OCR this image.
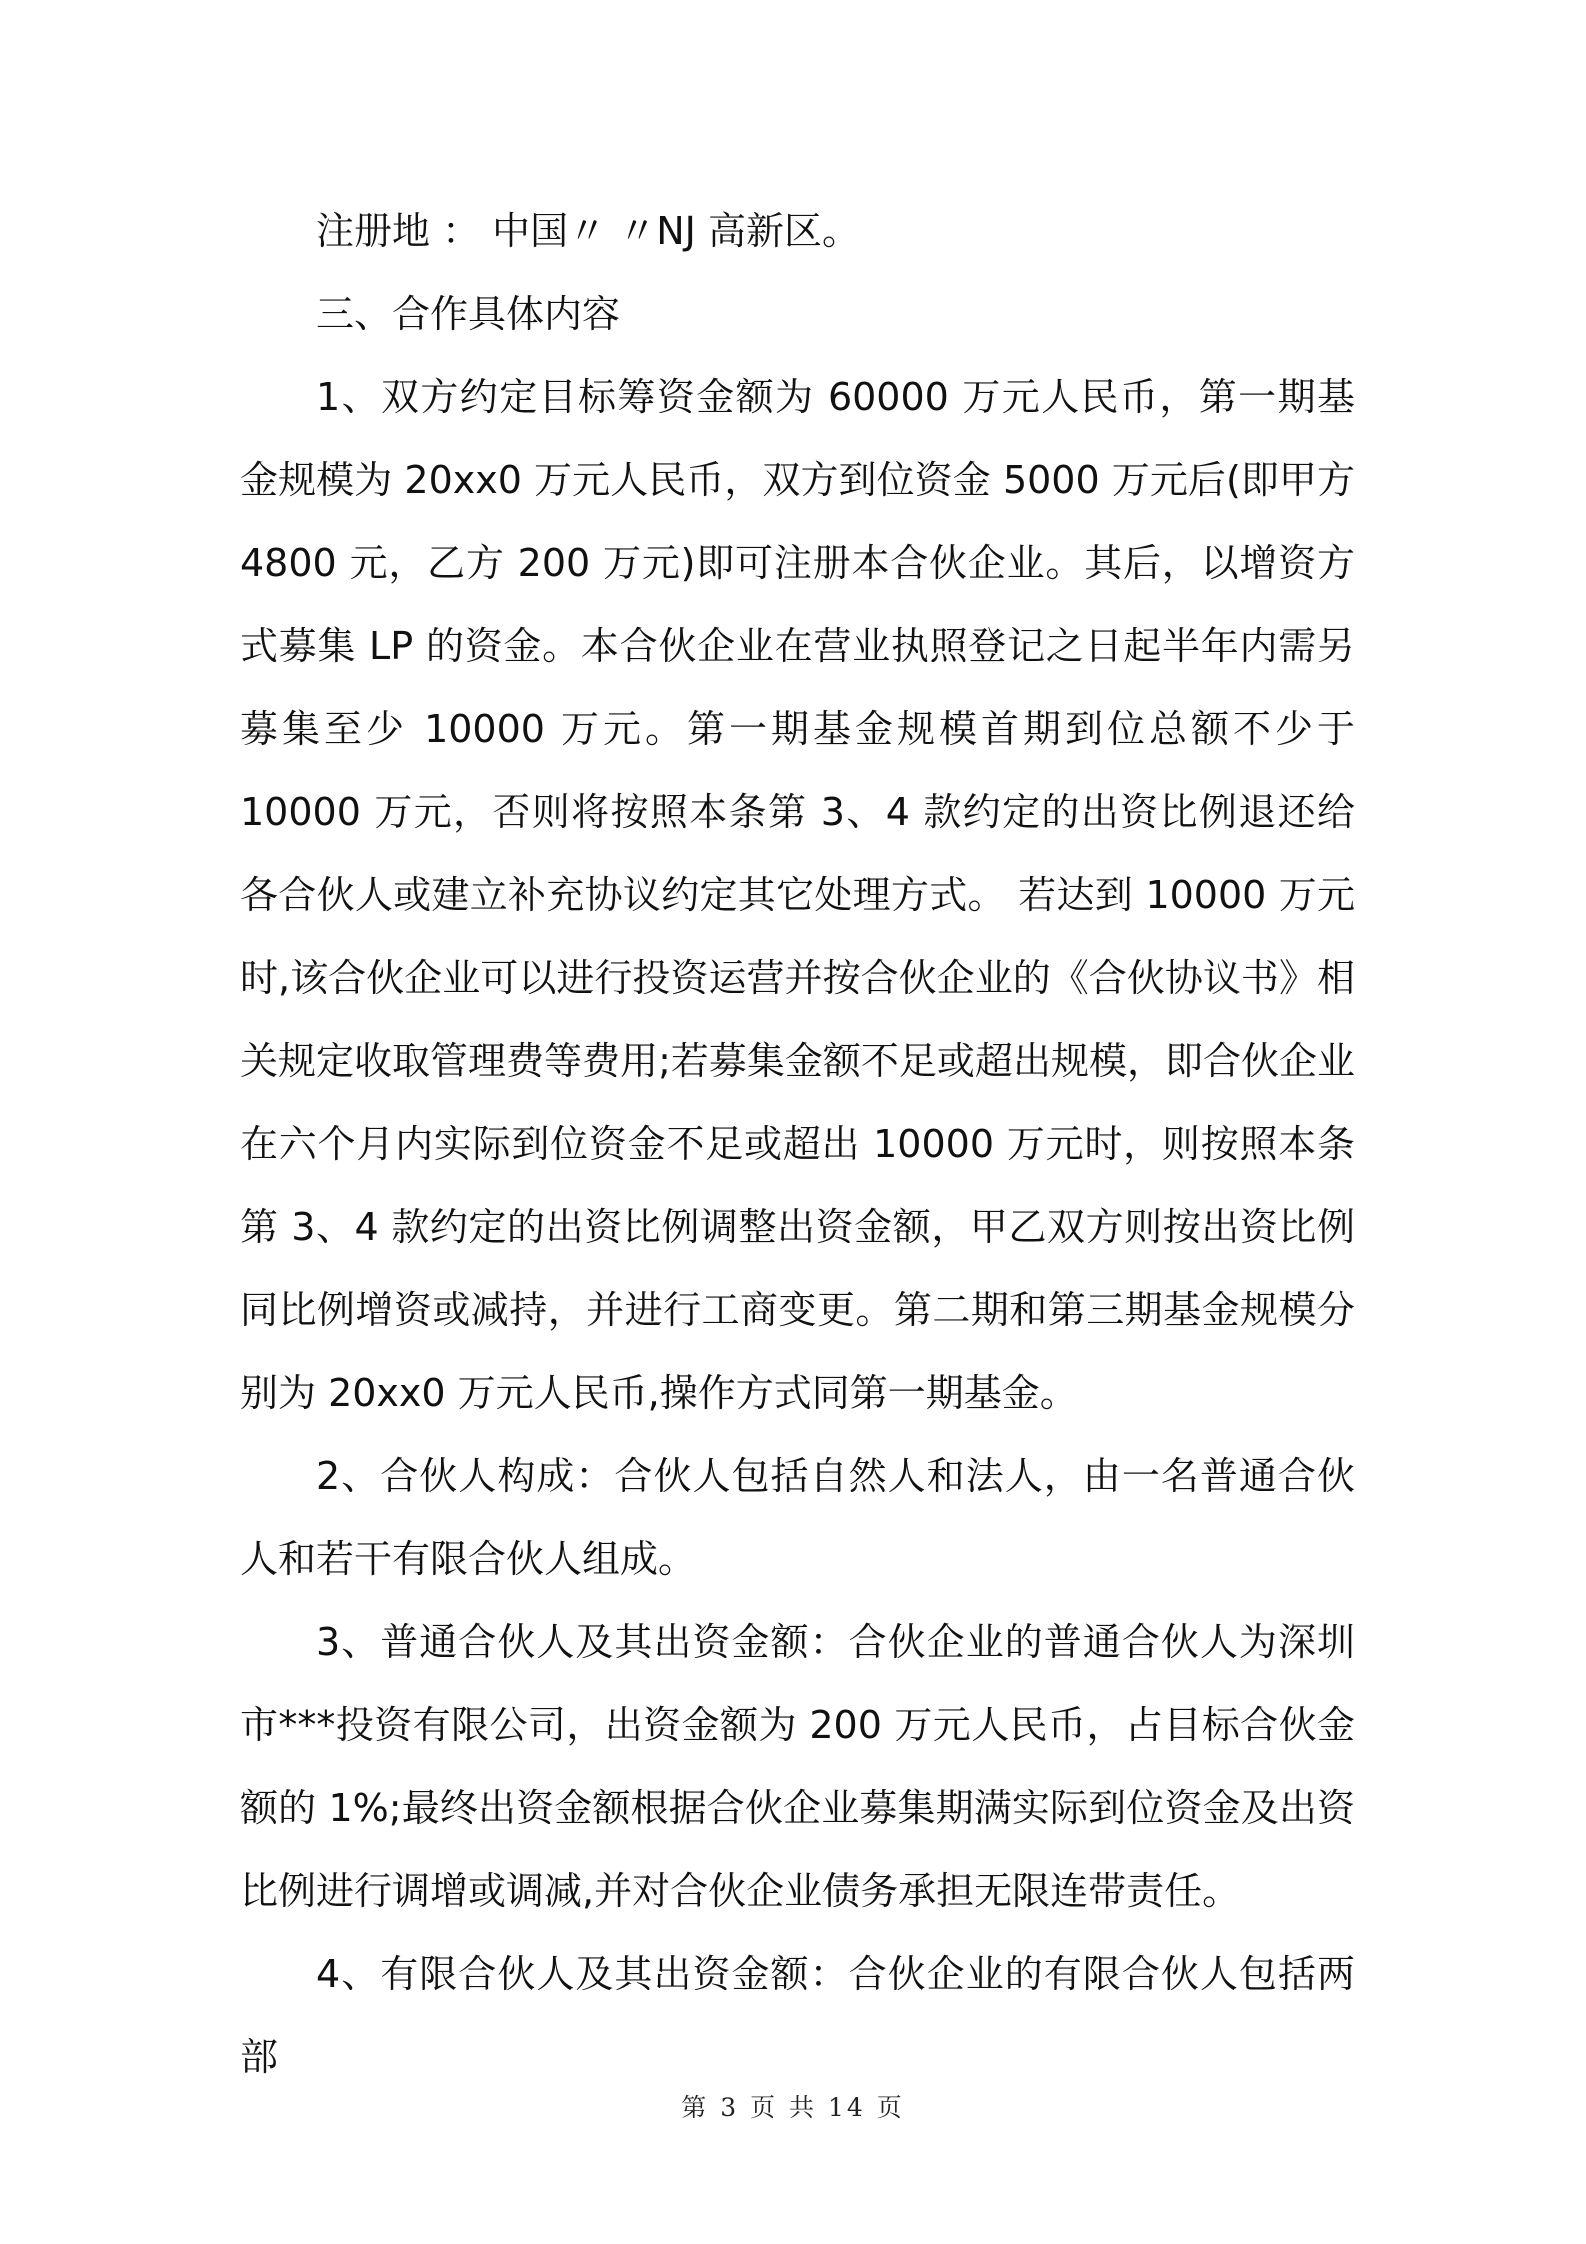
注册地 ： 中国〃 〃NJ 高新区。

三、合作具体内容

1、双方约定目标筹资金额为 60000 万元人民币，第一期基金规模为 20xx0 万元人民币，双方到位资金 5000 万元后(即甲方 4800 元，乙方 200 万元)即可注册本合伙企业。其后，以增资方式募集 LP 的资金。本合伙企业在营业执照登记之日起半年内需另募集至少 10000 万元。第一期基金规模首期到位总额不少于 10000 万元，否则将按照本条第 3、4 款约定的出资比例退还给各合伙人或建立补充协议约定其它处理方式。 若达到 10000 万元时,该合伙企业可以进行投资运营并按合伙企业的《合伙协议书》相关规定收取管理费等费用;若募集金额不足或超出规模，即合伙企业在六个月内实际到位资金不足或超出 10000 万元时，则按照本条第 3、4 款约定的出资比例调整出资金额，甲乙双方则按出资比例同比例增资或减持，并进行工商变更。第二期和第三期基金规模分别为 20xx0 万元人民币,操作方式同第一期基金。

2、合伙人构成：合伙人包括自然人和法人，由一名普通合伙人和若干有限合伙人组成。

3、普通合伙人及其出资金额：合伙企业的普通合伙人为深圳市***投资有限公司，出资金额为 200 万元人民币，占目标合伙金额的 1%;最终出资金额根据合伙企业募集期满实际到位资金及出资比例进行调增或调减,并对合伙企业债务承担无限连带责任。

4、有限合伙人及其出资金额：合伙企业的有限合伙人包括两部

第 3 页 共 14 页
